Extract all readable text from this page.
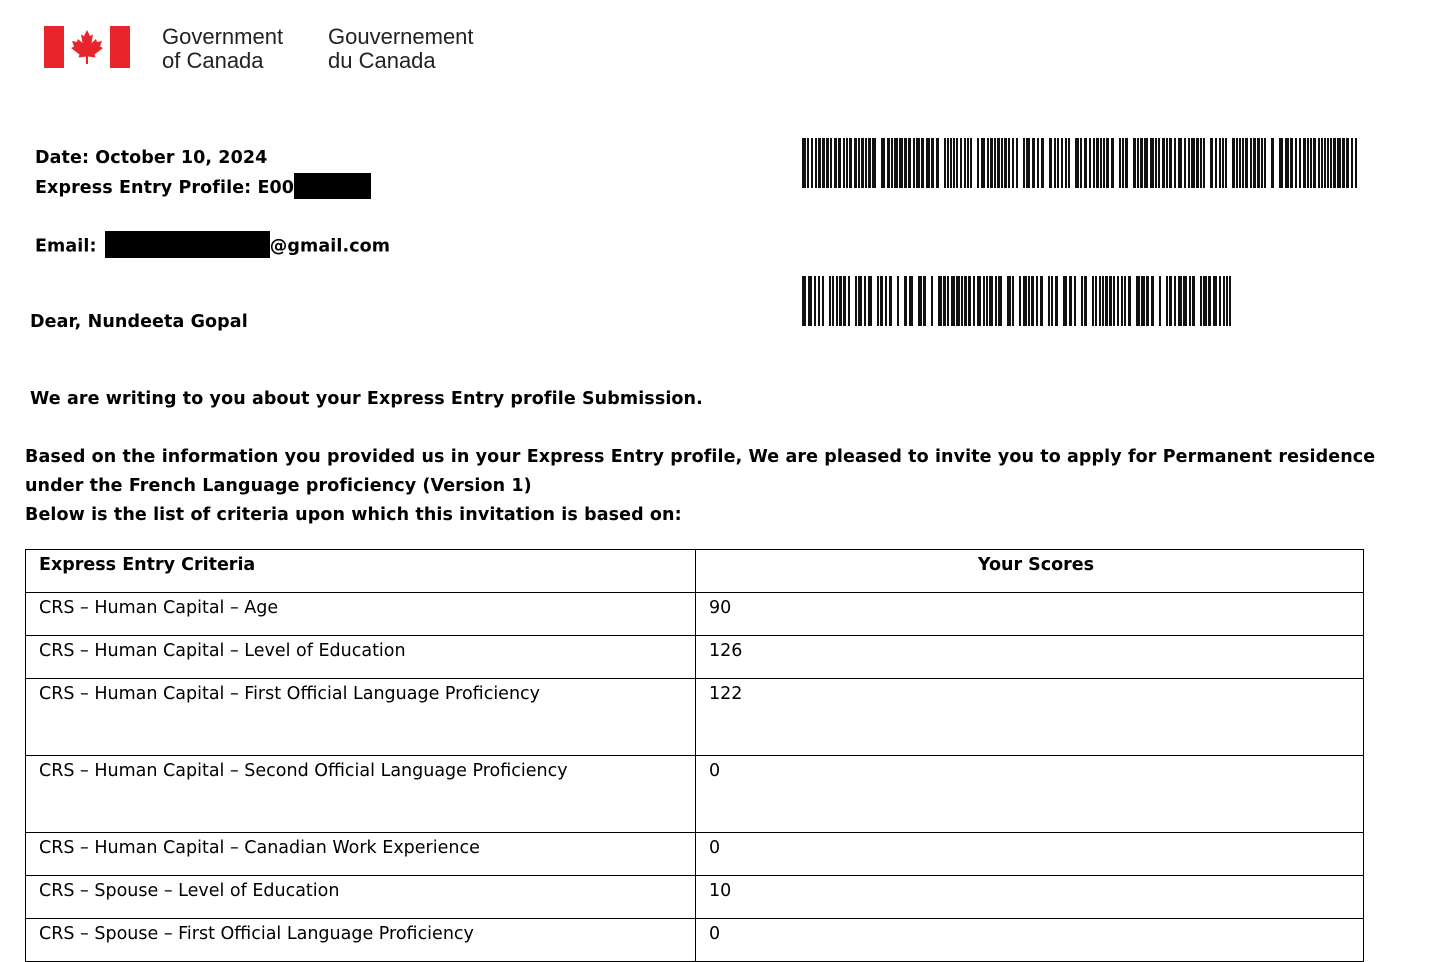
Government
of Canada
Gouvernement
du Canada
Date: October 10, 2024
Express Entry Profile: E00
Email:	@gmail.com
Dear, Nundeeta Gopal
We are writing to you about your Express Entry profile Submission.
Based on the information you provided us in your Express Entry profile, We are pleased to invite you to apply for Permanent residence
under the French Language proficiency (Version 1)
Below is the list of criteria upon which this invitation is based on:
Express Entry Criteria	Your Scores
CRS – Human Capital – Age	90
CRS – Human Capital – Level of Education	126
CRS – Human Capital – First Official Language Proficiency	122
CRS – Human Capital – Second Official Language Proficiency	0
CRS – Human Capital – Canadian Work Experience	0
CRS – Spouse – Level of Education	10
CRS – Spouse – First Official Language Proficiency	0
